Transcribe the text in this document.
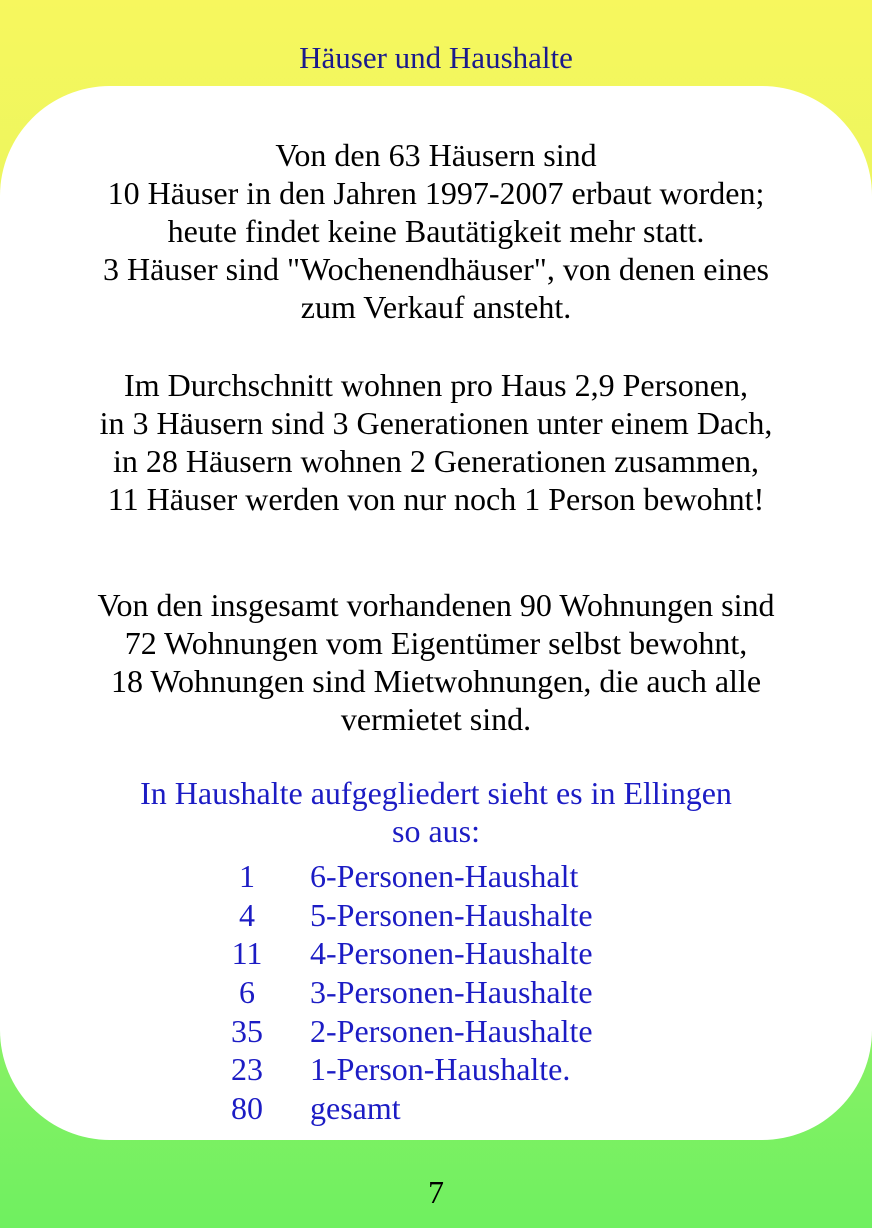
Häuser und Haushalte

Von den 63 Häusern sind

10 Häuser in den Jahren 1997-2007 erbaut worden;

heute findet keine Bautätigkeit mehr statt.

3 Häuser sind "Wochenendhäuser", von denen eines

zum Verkauf ansteht.

Im Durchschnitt wohnen pro Haus 2,9 Personen,

in 3 Häusern sind 3 Generationen unter einem Dach,

in 28 Häusern wohnen 2 Generationen zusammen,

11 Häuser werden von nur noch 1 Person bewohnt!

Von den insgesamt vorhandenen 90 Wohnungen sind

72 Wohnungen vom Eigentümer selbst bewohnt,

18 Wohnungen sind Mietwohnungen, die auch alle

vermietet sind.

In Haushalte aufgegliedert sieht es in Ellingen

so aus:

1	6-Personen-Haushalt
4	5-Personen-Haushalte
11	4-Personen-Haushalte
6	3-Personen-Haushalte
35	2-Personen-Haushalte
23	1-Person-Haushalte.
80	gesamt
7
